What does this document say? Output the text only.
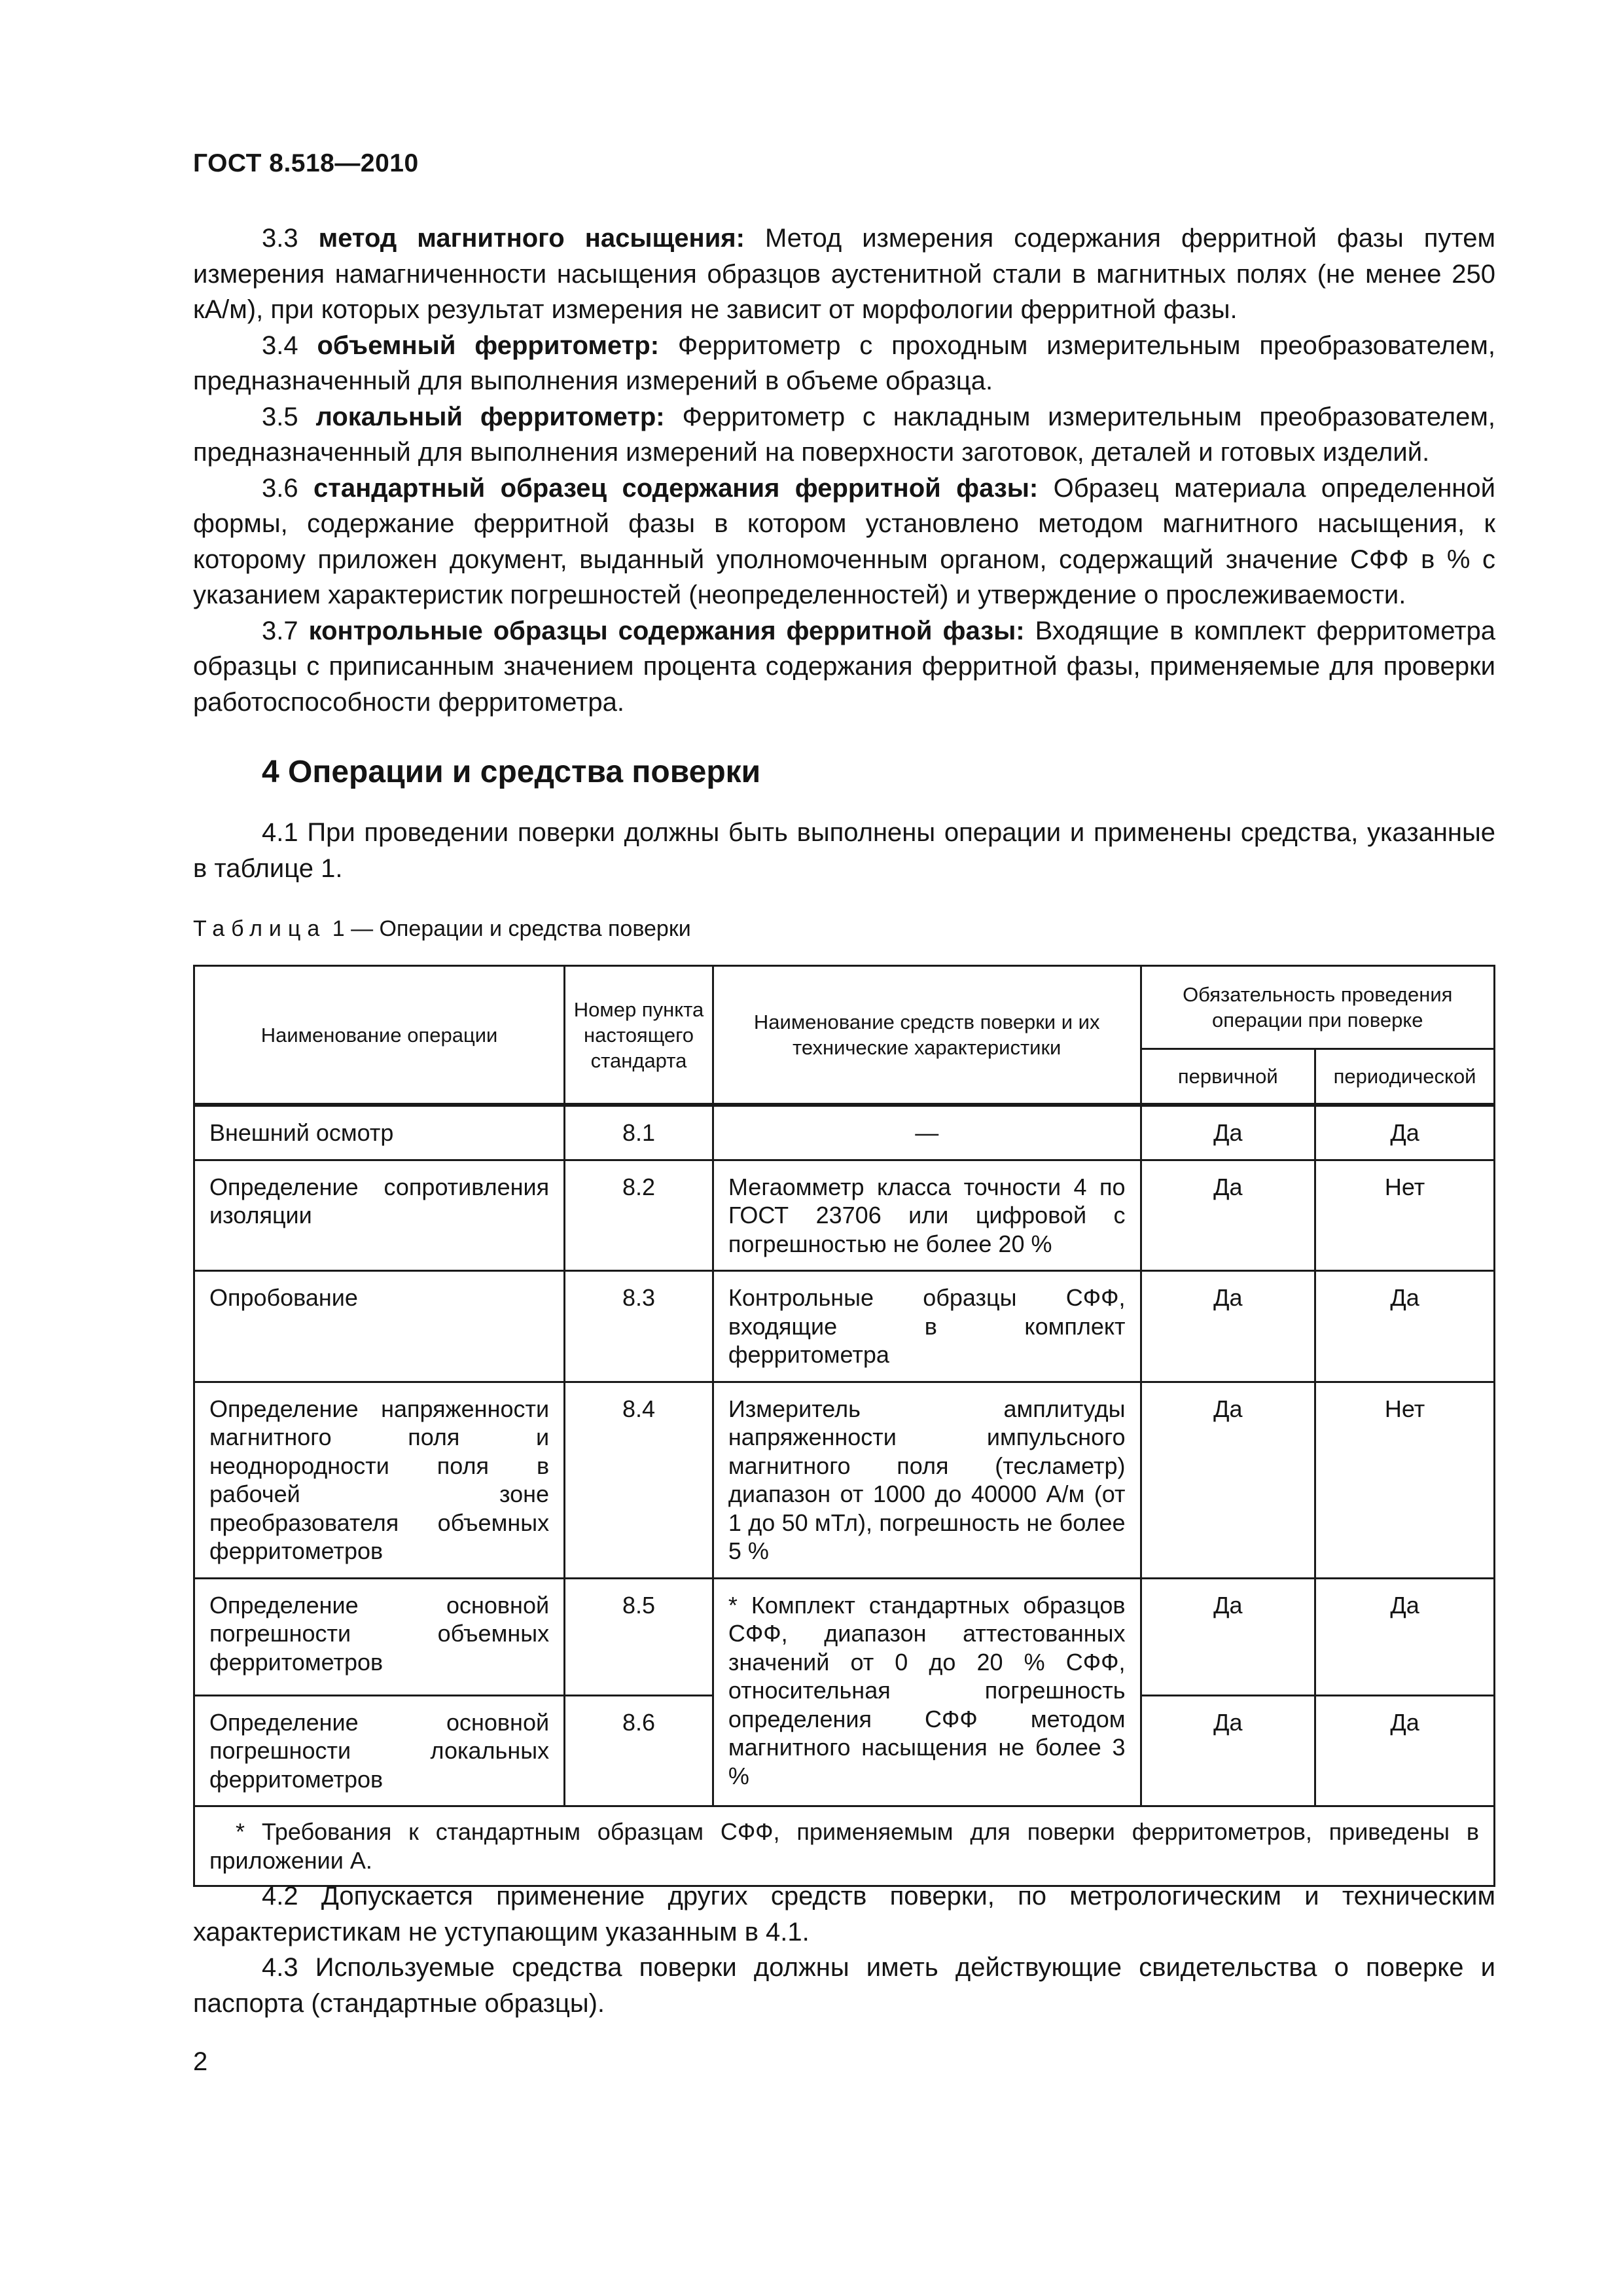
ГОСТ 8.518—2010

3.3 метод магнитного насыщения: Метод измерения содержания ферритной фазы путем измерения намагниченности насыщения образцов аустенитной стали в магнитных полях (не менее 250 кА/м), при которых результат измерения не зависит от морфологии ферритной фазы.

3.4 объемный ферритометр: Ферритометр с проходным измерительным преобразователем, предназначенный для выполнения измерений в объеме образца.

3.5 локальный ферритометр: Ферритометр с накладным измерительным преобразователем, предназначенный для выполнения измерений на поверхности заготовок, деталей и готовых изделий.

3.6 стандартный образец содержания ферритной фазы: Образец материала определенной формы, содержание ферритной фазы в котором установлено методом магнитного насыщения, к которому приложен документ, выданный уполномоченным органом, содержащий значение СФФ в % с указанием характеристик погрешностей (неопределенностей) и утверждение о прослеживаемости.

3.7 контрольные образцы содержания ферритной фазы: Входящие в комплект ферритометра образцы с приписанным значением процента содержания ферритной фазы, применяемые для проверки работоспособности ферритометра.

4 Операции и средства поверки

4.1 При проведении поверки должны быть выполнены операции и применены средства, указанные в таблице 1.

Таблица 1 — Операции и средства поверки
Наименование операции	Номер пункта настоящего стандарта	Наименование средств поверки и их технические характеристики	Обязательность проведения операции при поверке	
			первичной	периодической
Внешний осмотр	8.1	—	Да	Да
Определение сопротивления изоляции	8.2	Мегаомметр класса точности 4 по ГОСТ 23706 или цифровой с погрешностью не более 20 %	Да	Нет
Опробование	8.3	Контрольные образцы СФФ, входящие в комплект ферритометра	Да	Да
Определение напряженности магнитного поля и неоднородности поля в рабочей зоне преобразователя объемных ферритометров	8.4	Измеритель амплитуды напряженности импульсного магнитного поля (тесламетр) диапазон от 1000 до 40000 А/м (от 1 до 50 мТл), погрешность не более 5 %	Да	Нет
Определение основной погрешности объемных ферритометров	8.5	* Комплект стандартных образцов СФФ, диапазон аттестованных значений от 0 до 20 % СФФ, относительная погрешность определения СФФ методом магнитного насыщения не более 3 %	Да	Да
Определение основной погрешности локальных ферритометров	8.6		Да	Да
* Требования к стандартным образцам СФФ, применяемым для поверки ферритометров, приведены в приложении А.				

4.2 Допускается применение других средств поверки, по метрологическим и техническим характеристикам не уступающим указанным в 4.1.

4.3 Используемые средства поверки должны иметь действующие свидетельства о поверке и паспорта (стандартные образцы).

2
